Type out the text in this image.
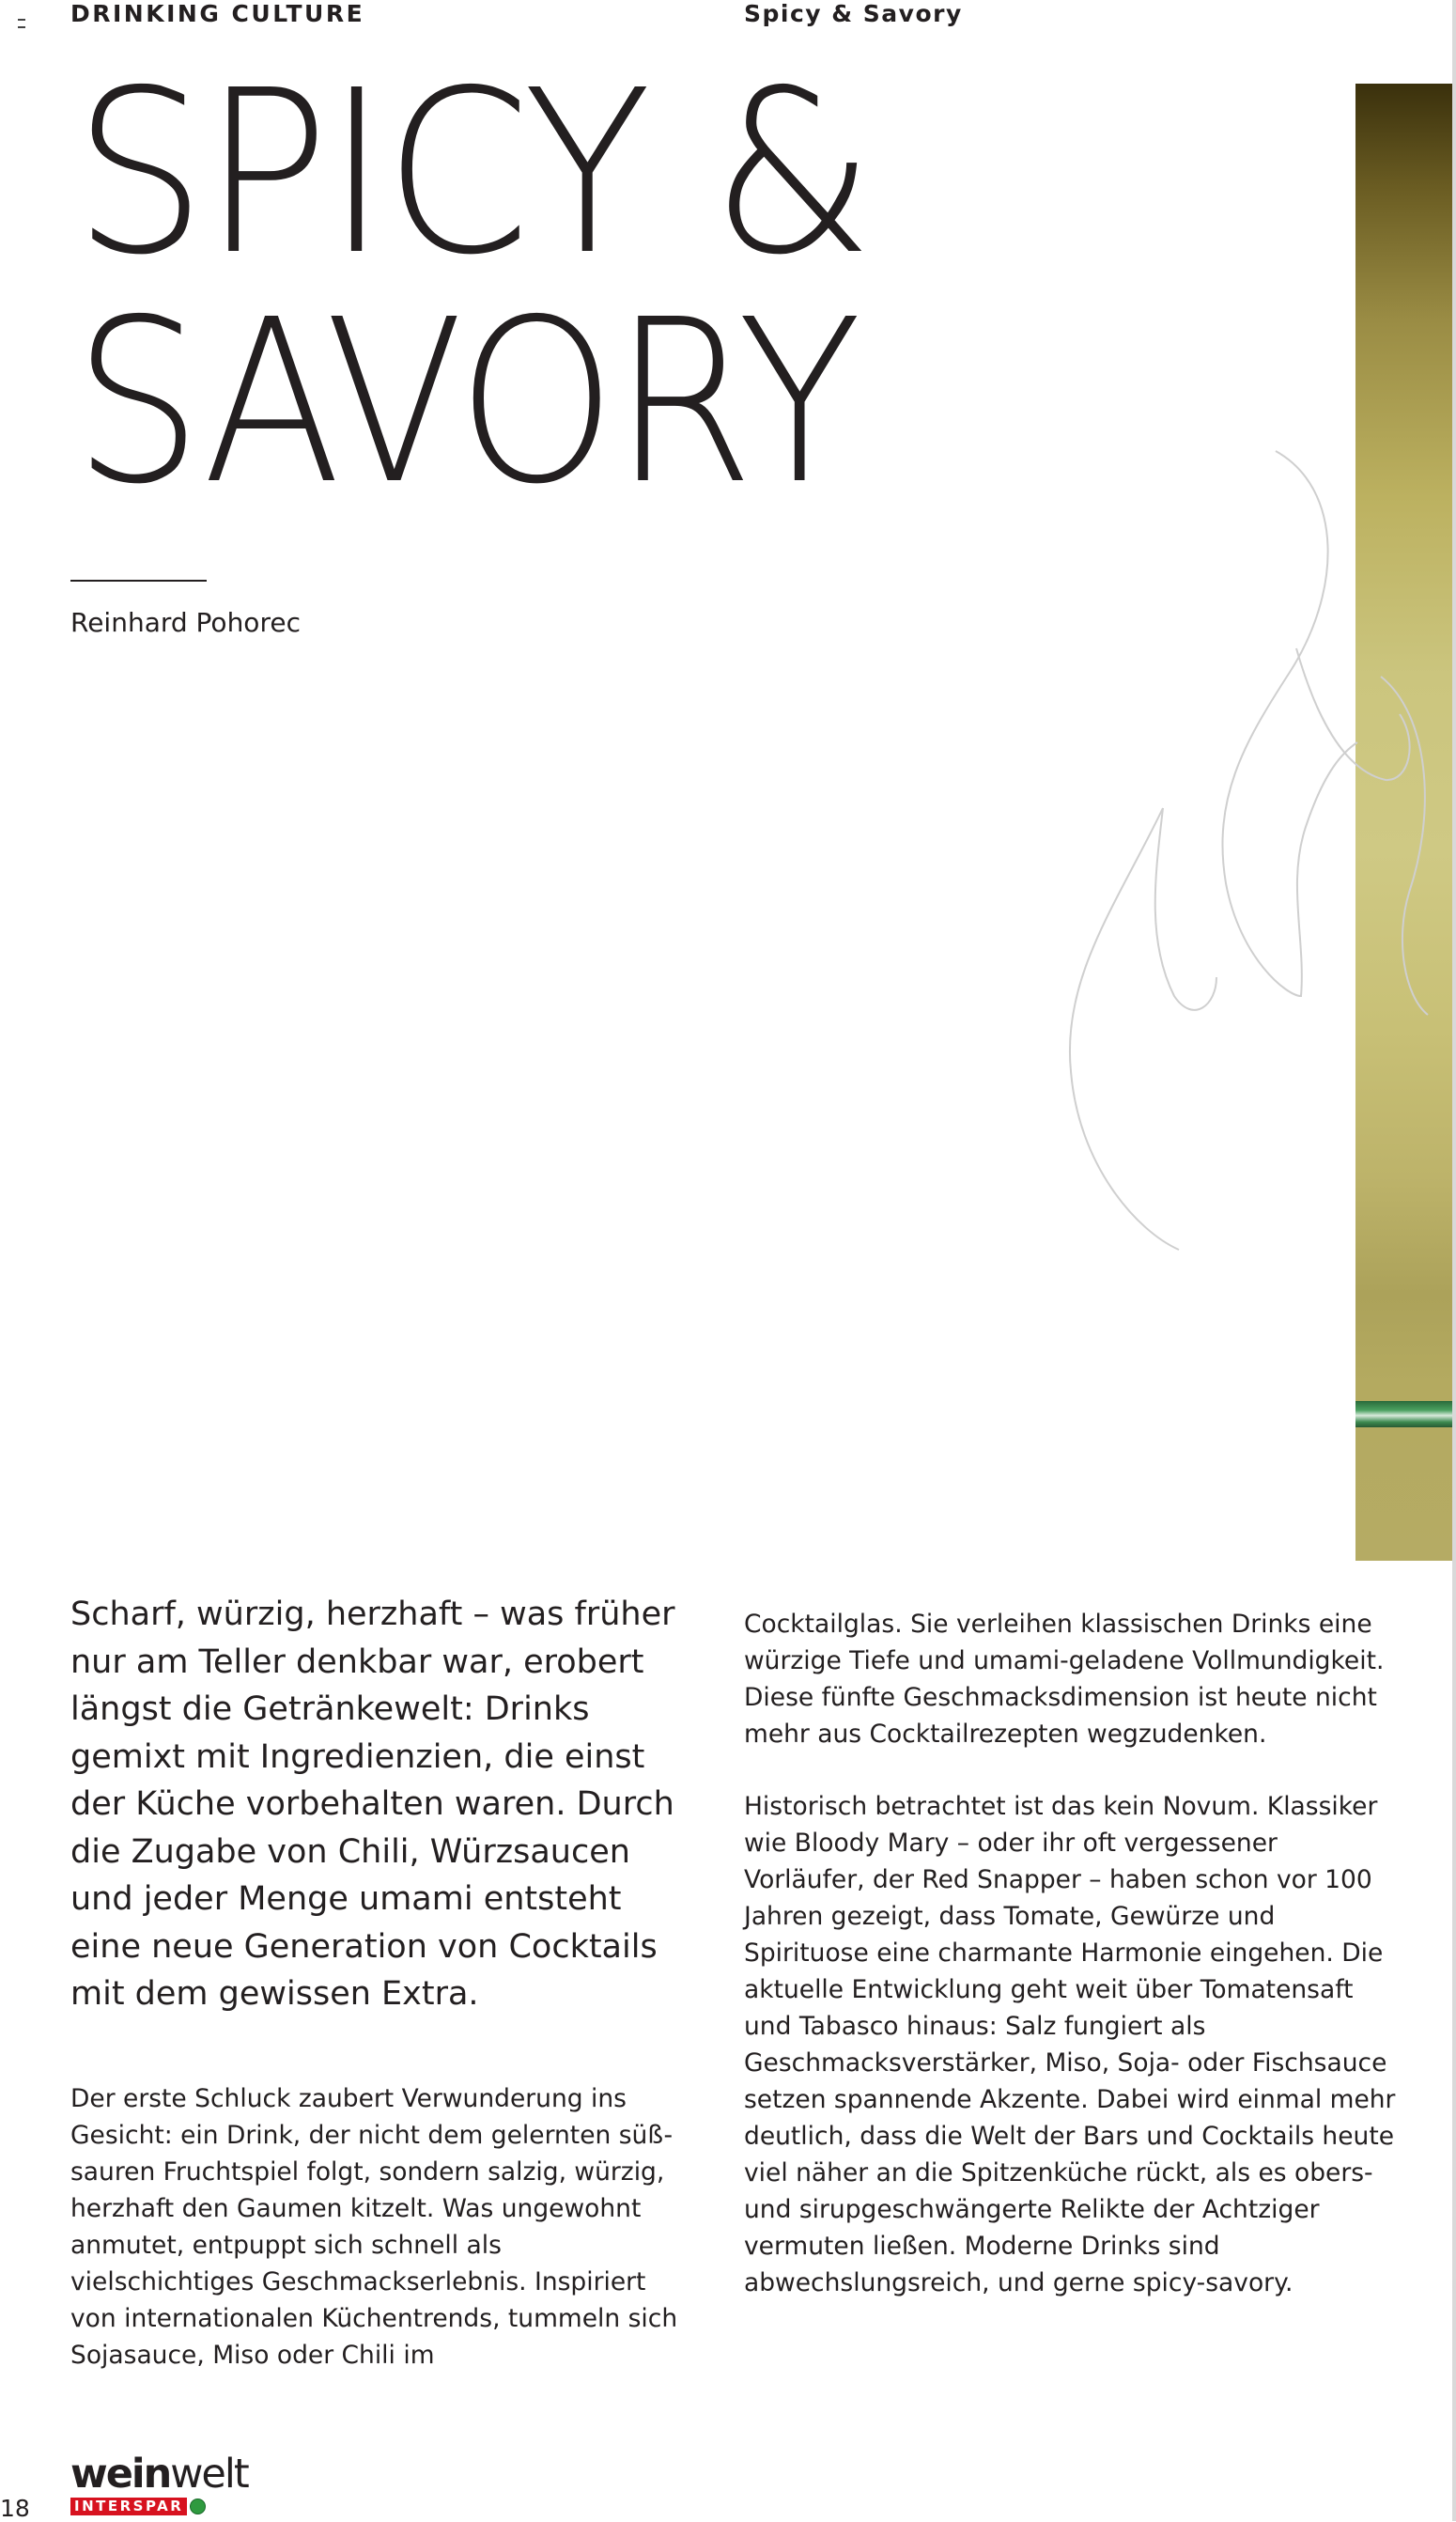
DRINKING CULTURE	Spicy & Savory
SPICY &
SAVORY
Reinhard Pohorec

Scharf, würzig, herzhaft – was früher nur am Teller denkbar war, erobert längst die Getränkewelt: Drinks gemixt mit Ingredienzien, die einst der Küche vorbehalten waren. Durch die Zugabe von Chili, Würzsaucen und jeder Menge umami entsteht eine neue Generation von Cocktails mit dem gewissen Extra.

Der erste Schluck zaubert Verwunderung ins Gesicht: ein Drink, der nicht dem gelernten süß-sauren Fruchtspiel folgt, sondern salzig, würzig, herzhaft den Gaumen kitzelt. Was ungewohnt anmutet, entpuppt sich schnell als vielschichtiges Geschmackserlebnis. Inspiriert von internationalen Küchentrends, tummeln sich Sojasauce, Miso oder Chili im

Cocktailglas. Sie verleihen klassischen Drinks eine würzige Tiefe und umami-geladene Vollmundigkeit. Diese fünfte Geschmacksdimension ist heute nicht mehr aus Cocktailrezepten wegzudenken.

Historisch betrachtet ist das kein Novum. Klassiker wie Bloody Mary – oder ihr oft vergessener Vorläufer, der Red Snapper – haben schon vor 100 Jahren gezeigt, dass Tomate, Gewürze und Spirituose eine charmante Harmonie eingehen. Die aktuelle Entwicklung geht weit über Tomatensaft und Tabasco hinaus: Salz fungiert als Geschmacksverstärker, Miso, Soja- oder Fischsauce setzen spannende Akzente. Dabei wird einmal mehr deutlich, dass die Welt der Bars und Cocktails heute viel näher an die Spitzenküche rückt, als es obers- und sirupgeschwängerte Relikte der Achtziger vermuten ließen. Moderne Drinks sind abwechslungsreich, und gerne spicy-savory.

18
weinwelt
INTERSPAR
